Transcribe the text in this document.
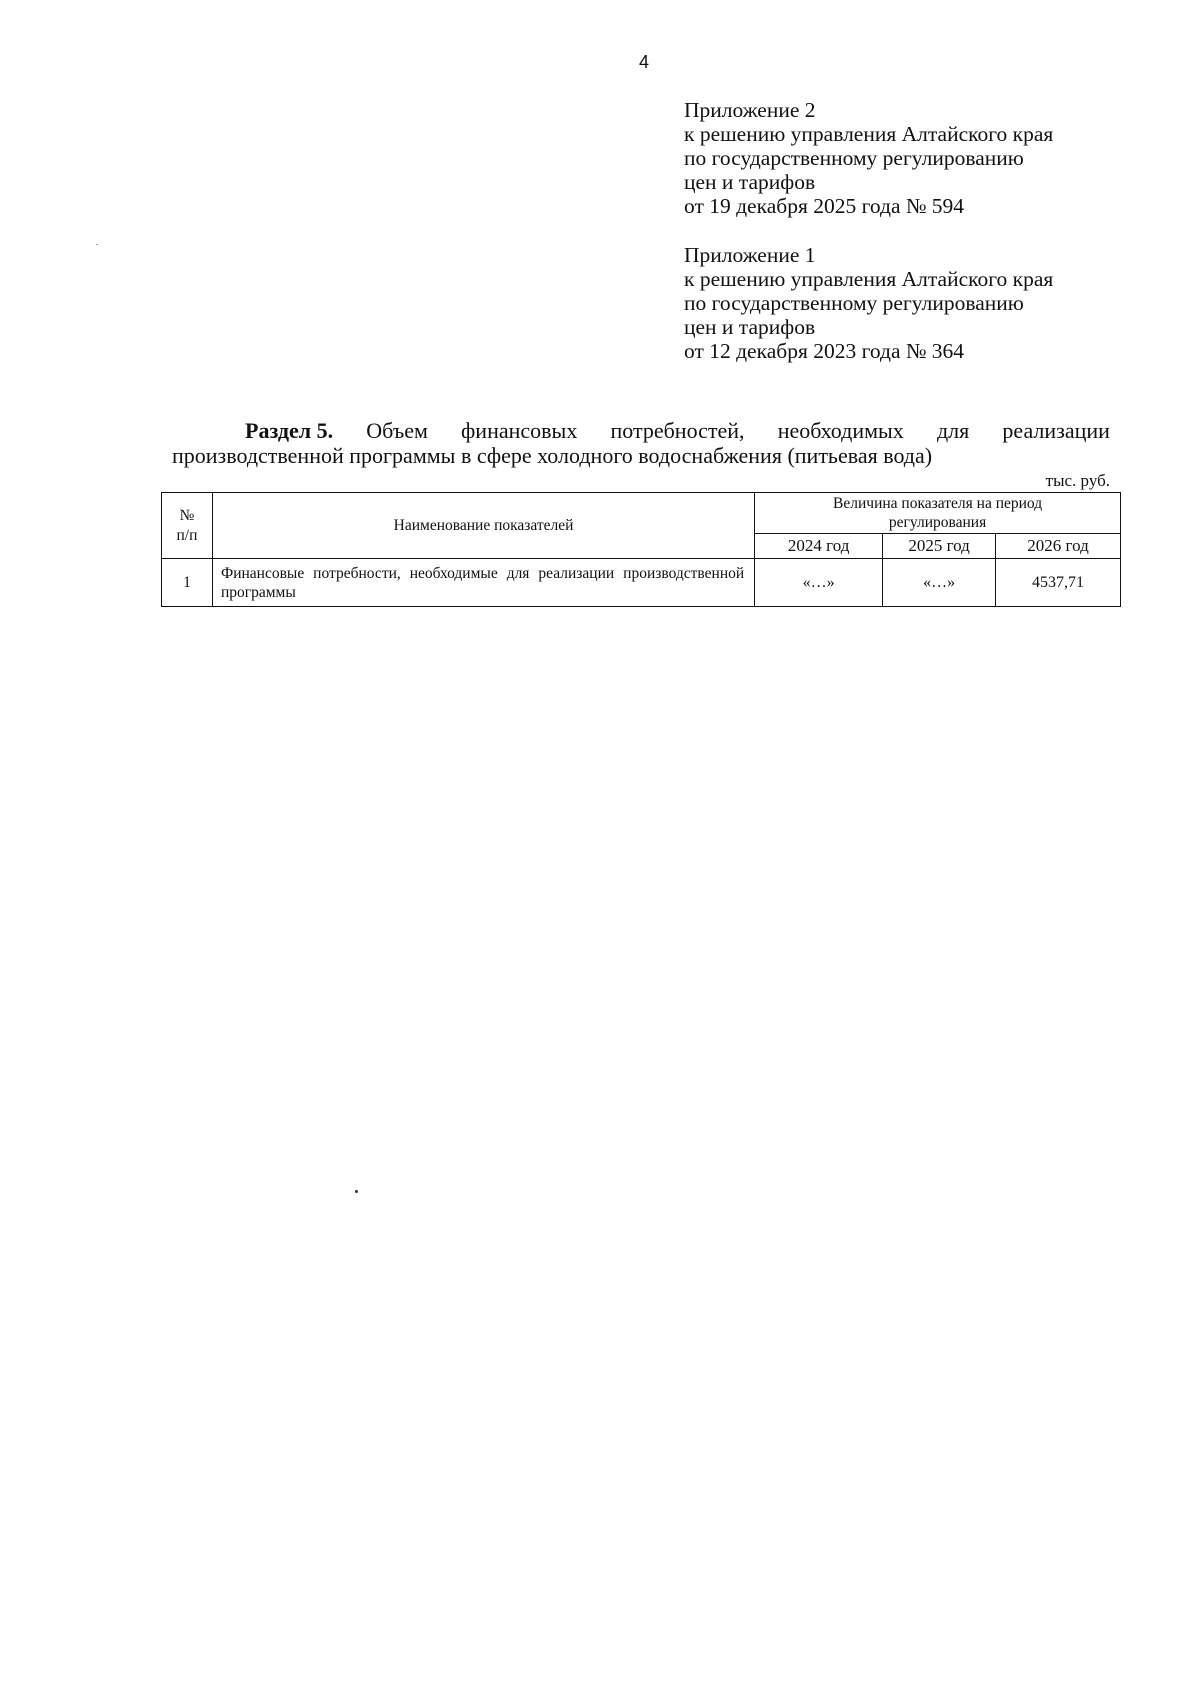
4
Приложение 2
к решению управления Алтайского края
по государственному регулированию
цен и тарифов
от 19 декабря 2025 года № 594
Приложение 1
к решению управления Алтайского края
по государственному регулированию
цен и тарифов
от 12 декабря 2023 года № 364
Раздел 5. Объем финансовых потребностей, необходимых для реализации
производственной программы в сфере холодного водоснабжения (питьевая вода)
тыс. руб.
№ п/п	Наименование показателей	Величина показателя на период регулирования		
		2024 год	2025 год	2026 год
1	Финансовые потребности, необходимые для реализации производственной программы	«…»	«…»	4537,71
